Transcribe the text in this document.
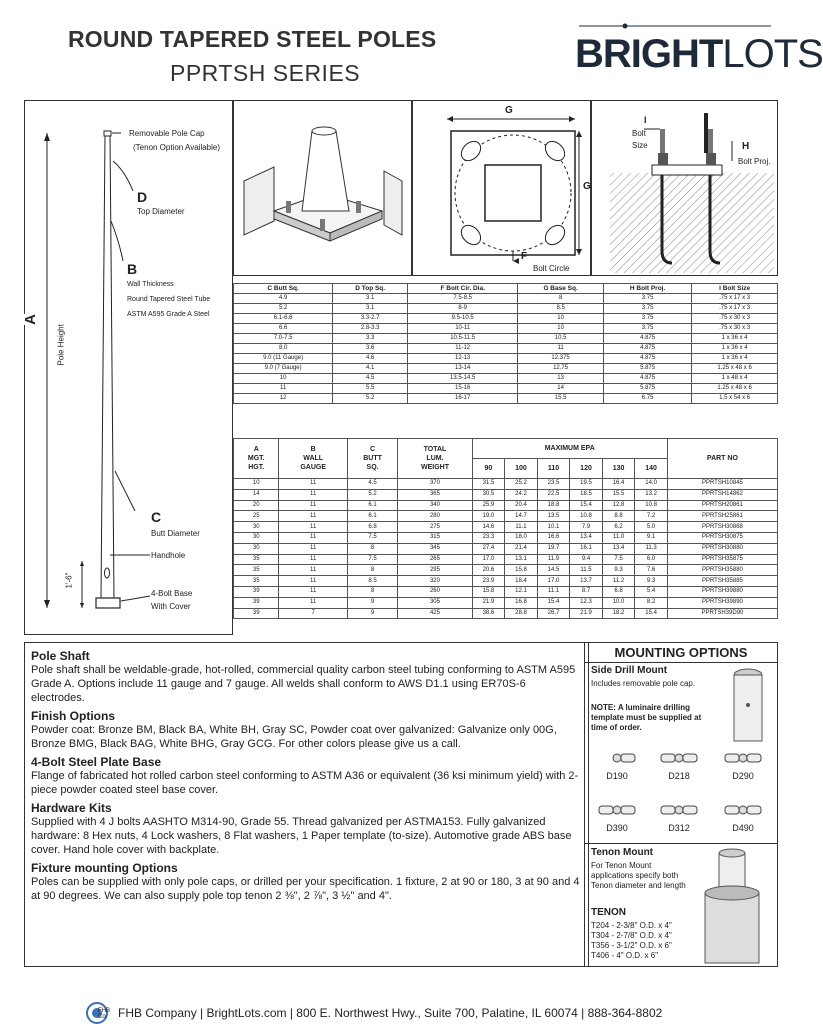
ROUND TAPERED STEEL POLES
PPRTSH SERIES	BRIGHTLOTS
Removable Pole Cap
(Tenon Option Available)
D
Top Diameter
B
Wall Thickness
Round Tapered Steel Tube
ASTM A595 Grade A Steel
A
Pole Height
C
Butt Diameter
Handhole
4-Bolt Base
With Cover
1'-6"
G
G
F
Bolt Circle
I
Bolt
Size	H
Bolt Proj.
C Butt Sq.	D Top Sq.	F Bolt Cir. Dia.	G Base Sq.	H Bolt Proj.	I Bolt Size
4.9	3.1	7.5-8.5	8	3.75	.75 x 17 x 3
5.2	3.1	8-9	8.5	3.75	.75 x 17 x 3
6.1-6.6	3.3-2.7	9.5-10.5	10	3.75	.75 x 30 x 3
6.6	2.8-3.3	10-11	10	3.75	.75 x 30 x 3
7.0-7.5	3.3	10.5-11.5	10.5	4.875	1 x 36 x 4
8.0	3.6	11-12	11	4.875	1 x 36 x 4
9.0 (11 Gauge)	4.6	12-13	12.375	4.875	1 x 36 x 4
9.0 (7 Gauge)	4.1	13-14	12.75	5.875	1.25 x 48 x 6
10	4.5	13.5-14.5	13	4.875	1 x 48 x 4
11	5.5	15-16	14	5.875	1.25 x 48 x 6
12	5.2	16-17	15.5	6.75	1.5 x 54 x 6
A
MGT.
HGT.	B
WALL
GAUGE	C
BUTT
SQ.	TOTAL
LUM.
WEIGHT	MAXIMUM EPA						PART NO
				90	100	110	120	130	140	
10	11	4.5	370	31.5	25.2	23.5	19.5	16.4	14.0	PPRTSH10845
14	11	5.2	365	30.5	24.2	22.5	18.5	15.5	13.2	PPRTSH14862
20	11	6.1	340	25.9	20.4	18.8	15.4	12.8	10.8	PPRTSH20861
25	11	6.1	280	19.0	14.7	13.5	10.8	8.8	7.2	PPRTSH25861
30	11	6.8	275	14.6	11.1	10.1	7.9	6.2	5.0	PPRTSH30868
30	11	7.5	315	23.3	18.0	16.6	13.4	11.0	9.1	PPRTSH30875
30	11	8	345	27.4	21.4	19.7	16.1	13.4	11.3	PPRTSH30880
35	11	7.5	265	17.0	13.1	11.9	9.4	7.5	6.0	PPRTSH35875
35	11	8	295	20.6	15.8	14.5	11.5	9.3	7.6	PPRTSH35880
35	11	8.5	320	23.9	18.4	17.0	13.7	11.2	9.3	PPRTSH35885
39	11	8	260	15.8	12.1	11.1	8.7	6.8	5.4	PPRTSH39880
39	11	9	305	21.9	16.8	15.4	12.3	10.0	8.2	PPRTSH39890
39	7	9	425	38.6	28.8	26.7	21.9	18.2	15.4	PPRTSH39D90
Pole Shaft

Pole shaft shall be weldable-grade, hot-rolled, commercial quality carbon steel tubing conforming to ASTM A595 Grade A. Options include 11 gauge and 7 gauge. All welds shall conform to AWS D1.1 using ER70S-6 electrodes.

Finish Options

Powder coat: Bronze BM, Black BA, White BH, Gray SC, Powder coat over galvanized: Galvanize only 00G, Bronze BMG, Black BAG, White BHG, Gray GCG. For other colors please give us a call.

4-Bolt Steel Plate Base

Flange of fabricated hot rolled carbon steel conforming to ASTM A36 or equivalent (36 ksi minimum yield) with 2-piece powder coated steel base cover.

Hardware Kits

Supplied with 4 J bolts AASHTO M314-90, Grade 55. Thread galvanized per ASTMA153. Fully galvanized hardware: 8 Hex nuts, 4 Lock washers, 8 Flat washers, 1 Paper template (to-size). Automotive grade ABS base cover. Hand hole cover with backplate.

Fixture mounting Options

Poles can be supplied with only pole caps, or drilled per your specification. 1 fixture, 2 at 90 or 180, 3 at 90 and 4 at 90 degrees. We can also supply pole top tenon 2 ⅜", 2 ⅞", 3 ½" and 4".

MOUNTING OPTIONS
Side Drill Mount
Includes removable pole cap.
NOTE: A luminaire drilling template must be supplied at time of order.
D190	D218	D290
D390	D312	D490
Tenon Mount
For Tenon Mount applications specify both Tenon diameter and length
TENON
T204 - 2-3/8" O.D. x 4"
T304 - 2-7/8" O.D. x 4"
T356 - 3-1/2" O.D. x 6"
T406 - 4" O.D. x 6"
FHB Co. FHB Company | BrightLots.com | 800 E. Northwest Hwy., Suite 700, Palatine, IL 60074 | 888-364-8802
